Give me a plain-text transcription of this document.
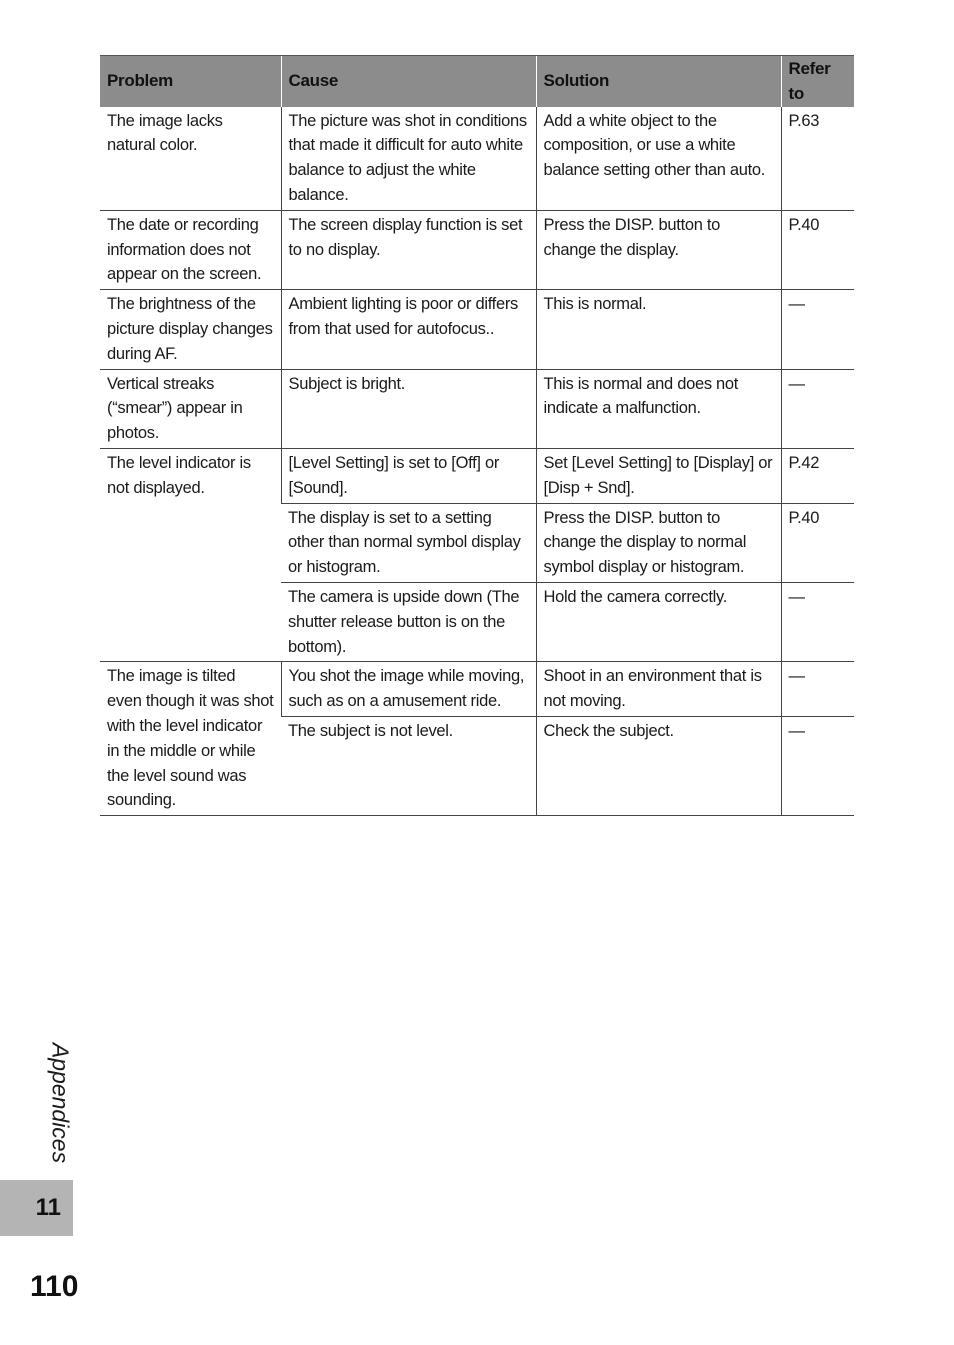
Problem	Cause	Solution	Refer to
The image lacks natural color.	The picture was shot in conditions that made it difficult for auto white balance to adjust the white balance.	Add a white object to the composition, or use a white balance setting other than auto.	P.63
The date or recording information does not appear on the screen.	The screen display function is set to no display.	Press the DISP. button to change the display.	P.40
The brightness of the picture display changes during AF.	Ambient lighting is poor or differs from that used for autofocus..	This is normal.	—
Vertical streaks (“smear”) appear in photos.	Subject is bright.	This is normal and does not indicate a malfunction.	—
The level indicator is not displayed.	[Level Setting] is set to [Off] or [Sound].	Set [Level Setting] to [Display] or [Disp + Snd].	P.42
	The display is set to a setting other than normal symbol display or histogram.	Press the DISP. button to change the display to normal symbol display or histogram.	P.40
	The camera is upside down (The shutter release button is on the bottom).	Hold the camera correctly.	—
The image is tilted even though it was shot with the level indicator in the middle or while the level sound was sounding.	You shot the image while moving, such as on a amusement ride.	Shoot in an environment that is not moving.	—
	The subject is not level.	Check the subject.	—
Appendices
11
110
